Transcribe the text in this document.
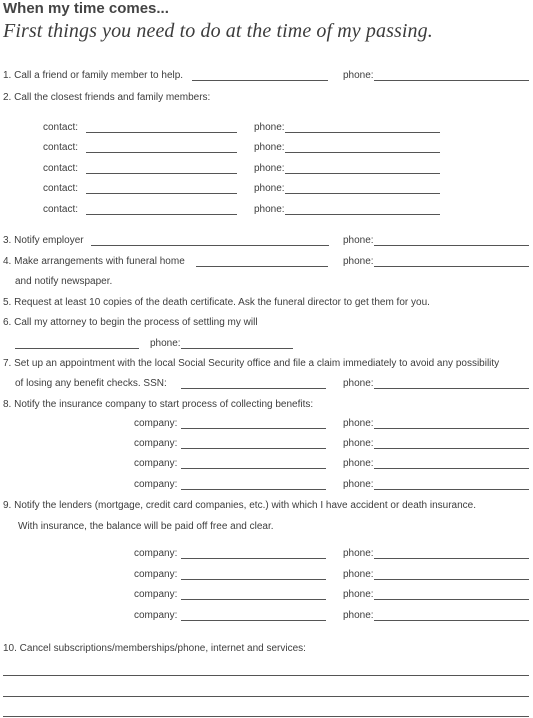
When my time comes...
First things you need to do at the time of my passing.
1. Call a friend or family member to help.	phone:
2. Call the closest friends and family members:
contact:	phone:
contact:	phone:
contact:	phone:
contact:	phone:
contact:	phone:
3. Notify employer	phone:
4. Make arrangements with funeral home	phone:
and notify newspaper.
5. Request at least 10 copies of the death certificate. Ask the funeral director to get them for you.
6. Call my attorney to begin the process of settling my will
phone:
7. Set up an appointment with the local Social Security office and file a claim immediately to avoid any possibility
of losing any benefit checks. SSN:	phone:
8. Notify the insurance company to start process of collecting benefits:
company:	phone:
company:	phone:
company:	phone:
company:	phone:
9. Notify the lenders (mortgage, credit card companies, etc.) with which I have accident or death insurance.
With insurance, the balance will be paid off free and clear.
company:	phone:
company:	phone:
company:	phone:
company:	phone:
10. Cancel subscriptions/memberships/phone, internet and services:
